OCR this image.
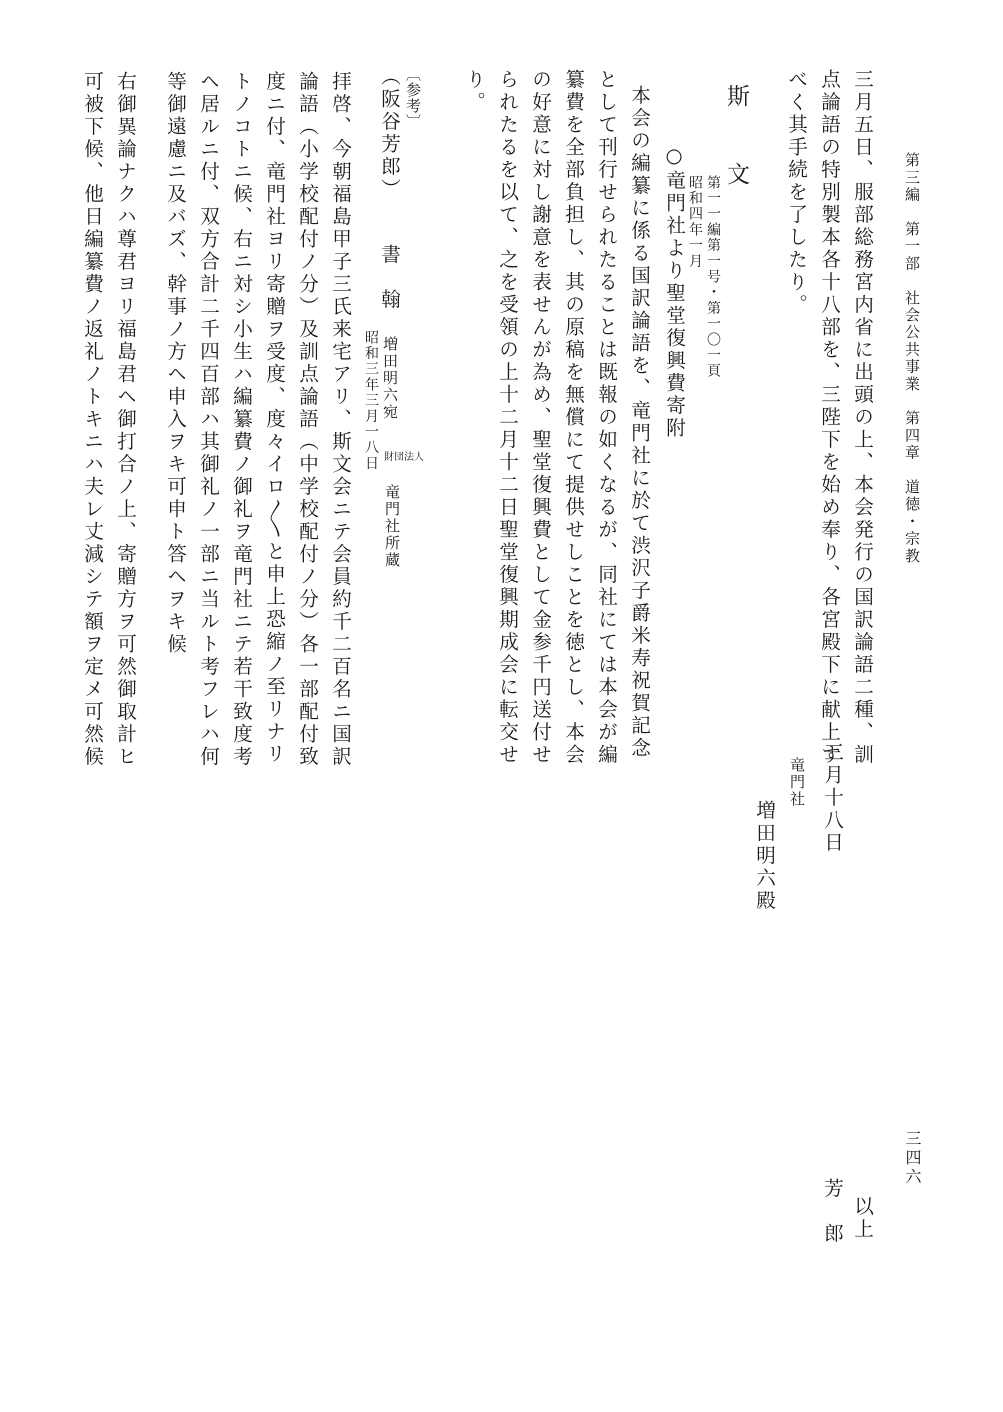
第三編　第一部　社会公共事業　第四章　道徳・宗教
三四六
三月五日、服部総務宮内省に出頭の上、本会発行の国訳論語二種、訓
点論語の特別製本各十八部を、三陛下を始め奉り、各宮殿下に献上す
べく其手続を了したり。
以上
芳　郎
三月十八日
竜門社
増田明六殿
斯　文
第一一編第一号・第一〇一頁
昭和四年一月
○竜門社より聖堂復興費寄附
本会の編纂に係る国訳論語を、竜門社に於て渋沢子爵米寿祝賀記念
として刊行せられたることは既報の如くなるが、同社にては本会が編
纂費を全部負担し、其の原稿を無償にて提供せしことを徳とし、本会
の好意に対し謝意を表せんが為め、聖堂復興費として金参千円送付せ
られたるを以て、之を受領の上十二月十二日聖堂復興期成会に転交せ
り。
〔参考〕
（阪谷芳郎）
書　翰
増田明六宛
昭和三年三月一八日 財団法人
竜門社所蔵
拝啓、今朝福島甲子三氏来宅アリ、斯文会ニテ会員約千二百名ニ国訳
論語（小学校配付ノ分）及訓点論語（中学校配付ノ分）各一部配付致
度ニ付、竜門社ヨリ寄贈ヲ受度、度々イロ〱と申上恐縮ノ至リナリ
トノコトニ候、右ニ対シ小生ハ編纂費ノ御礼ヲ竜門社ニテ若干致度考
ヘ居ルニ付、双方合計二千四百部ハ其御礼ノ一部ニ当ルト考フレハ何
等御遠慮ニ及バズ、幹事ノ方ヘ申入ヲキ可申ト答ヘヲキ候
右御異論ナクハ尊君ヨリ福島君ヘ御打合ノ上、寄贈方ヲ可然御取計ヒ
可被下候、他日編纂費ノ返礼ノトキニハ夫レ丈減シテ額ヲ定メ可然候
